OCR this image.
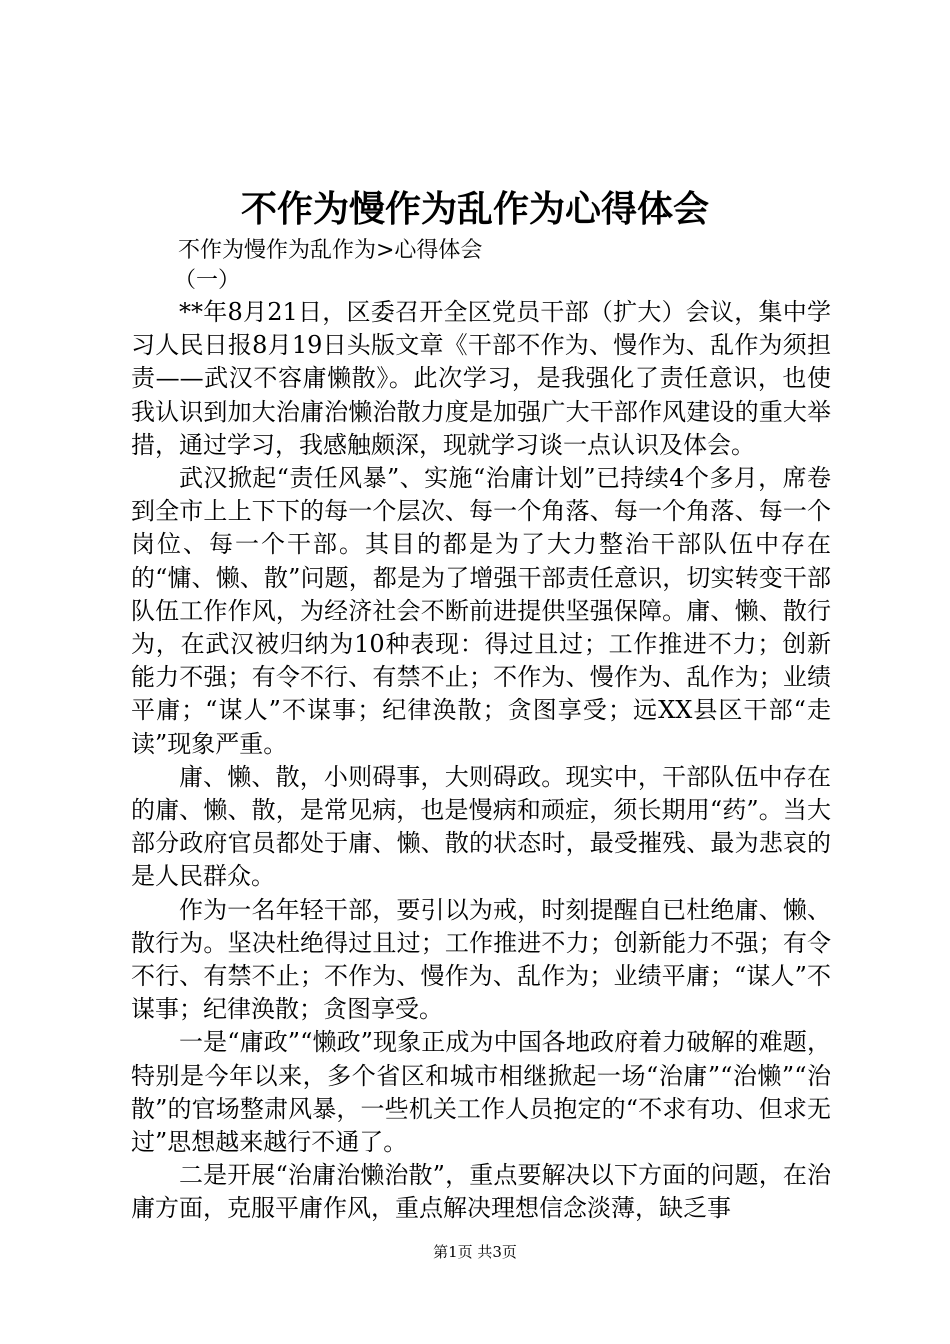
不作为慢作为乱作为心得体会
不作为慢作为乱作为>心得体会
（一）

**年8月21日，区委召开全区党员干部（扩大）会议，集中学习人民日报8月19日头版文章《干部不作为、慢作为、乱作为须担责——武汉不容庸懒散》。此次学习，是我强化了责任意识，也使我认识到加大治庸治懒治散力度是加强广大干部作风建设的重大举措，通过学习，我感触颇深，现就学习谈一点认识及体会。

武汉掀起“责任风暴”、实施“治庸计划”已持续4个多月，席卷到全市上上下下的每一个层次、每一个角落、每一个角落、每一个岗位、每一个干部。其目的都是为了大力整治干部队伍中存在的“慵、懒、散”问题，都是为了增强干部责任意识，切实转变干部队伍工作作风，为经济社会不断前进提供坚强保障。庸、懒、散行为，在武汉被归纳为10种表现：得过且过；工作推进不力；创新能力不强；有令不行、有禁不止；不作为、慢作为、乱作为；业绩平庸；“谋人”不谋事；纪律涣散；贪图享受；远XX县区干部“走读”现象严重。

庸、懒、散，小则碍事，大则碍政。现实中，干部队伍中存在的庸、懒、散，是常见病，也是慢病和顽症，须长期用“药”。当大部分政府官员都处于庸、懒、散的状态时，最受摧残、最为悲哀的是人民群众。

作为一名年轻干部，要引以为戒，时刻提醒自已杜绝庸、懒、散行为。坚决杜绝得过且过；工作推进不力；创新能力不强；有令不行、有禁不止；不作为、慢作为、乱作为；业绩平庸；“谋人”不谋事；纪律涣散；贪图享受。

一是“庸政”“懒政”现象正成为中国各地政府着力破解的难题，特别是今年以来，多个省区和城市相继掀起一场“治庸”“治懒”“治散”的官场整肃风暴，一些机关工作人员抱定的“不求有功、但求无过”思想越来越行不通了。

二是开展“治庸治懒治散”，重点要解决以下方面的问题，在治庸方面，克服平庸作风，重点解决理想信念淡薄，缺乏事

第1页 共3页
